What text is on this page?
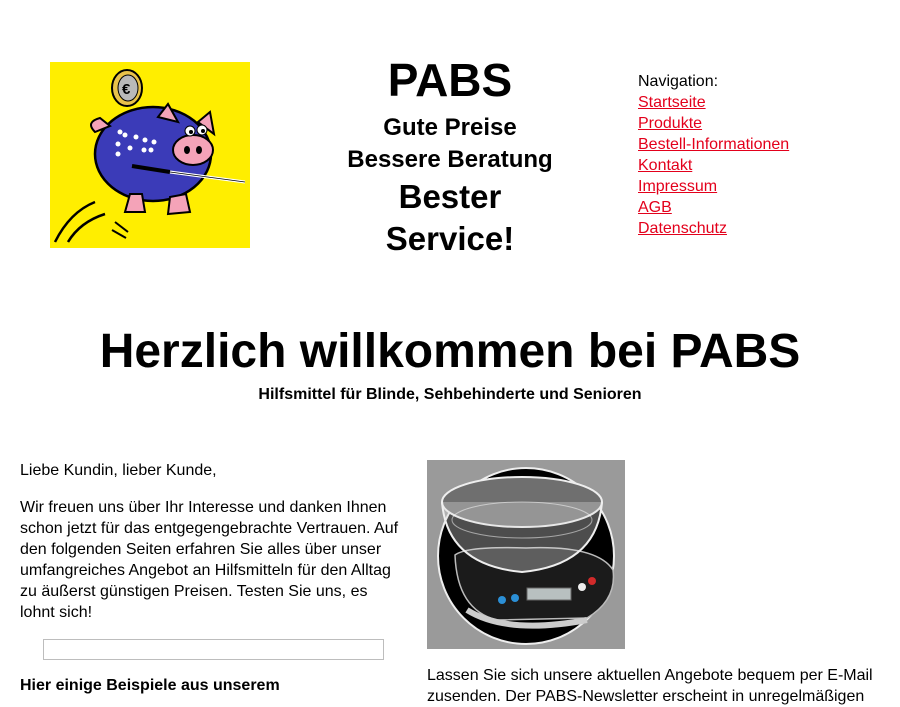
€	PABS
Gute Preise
Bessere Beratung
Bester
Service!
Navigation:
Startseite
Produkte
Bestell-Informationen
Kontakt
Impressum
AGB
Datenschutz
Herzlich willkommen bei PABS
Hilfsmittel für Blinde, Sehbehinderte und Senioren

Liebe Kundin, lieber Kunde,

Wir freuen uns über Ihr Interesse und danken Ihnen schon jetzt für das entgegengebrachte Vertrauen. Auf den folgenden Seiten erfahren Sie alles über unser umfangreiches Angebot an Hilfsmitteln für den Alltag zu äußerst günstigen Preisen. Testen Sie uns, es lohnt sich!

Hier einige Beispiele aus unserem
Lassen Sie sich unsere aktuellen Angebote bequem per E-Mail zusenden. Der PABS-Newsletter erscheint in unregelmäßigen
